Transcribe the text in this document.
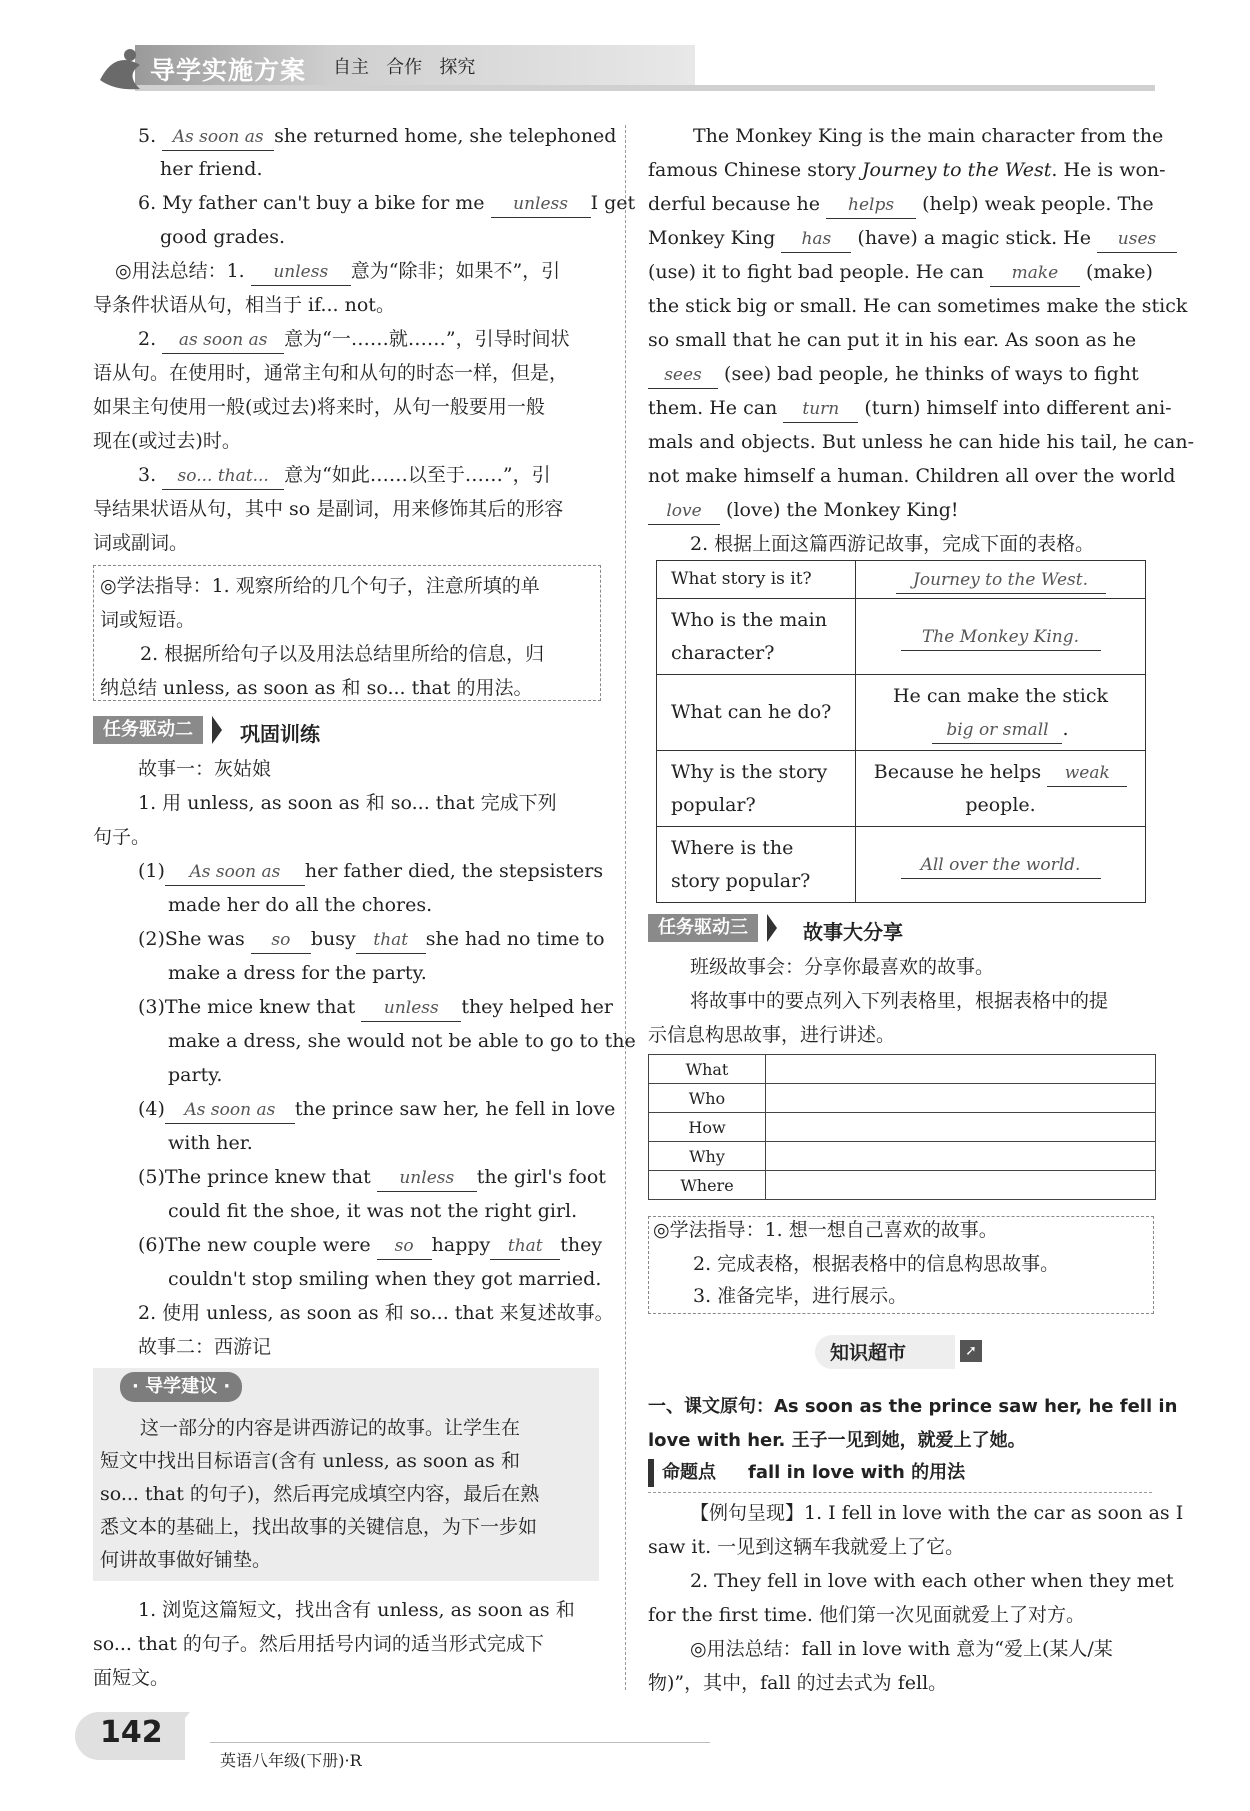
导学实施方案 自主   合作   探究

5. As soon as she returned home, she telephoned

her friend.

6. My father can't buy a bike for me unless I get

good grades.

◎用法总结：1. unless 意为“除非；如果不”，引

导条件状语从句，相当于 if... not。

2. as soon as 意为“一……就……”，引导时间状

语从句。在使用时，通常主句和从句的时态一样，但是，

如果主句使用一般(或过去)将来时，从句一般要用一般

现在(或过去)时。

3. so... that... 意为“如此……以至于……”，引

导结果状语从句，其中 so 是副词，用来修饰其后的形容

词或副词。

◎学法指导：1. 观察所给的几个句子，注意所填的单

词或短语。

2. 根据所给句子以及用法总结里所给的信息，归

纳总结 unless, as soon as 和 so... that 的用法。

任务驱动二	巩固训练

故事一：灰姑娘

1. 用 unless, as soon as 和 so... that 完成下列

句子。

(1) As soon as her father died, the stepsisters

made her do all the chores.

(2)She was so busy that she had no time to

make a dress for the party.

(3)The mice knew that unless they helped her

make a dress, she would not be able to go to the

party.

(4) As soon as the prince saw her, he fell in love

with her.

(5)The prince knew that unless the girl's foot

could fit the shoe, it was not the right girl.

(6)The new couple were so happy that they

couldn't stop smiling when they got married.

2. 使用 unless, as soon as 和 so... that 来复述故事。

故事二：西游记

· 导学建议 ·

这一部分的内容是讲西游记的故事。让学生在

短文中找出目标语言(含有 unless, as soon as 和

so... that 的句子)，然后再完成填空内容，最后在熟

悉文本的基础上，找出故事的关键信息，为下一步如

何讲故事做好铺垫。

1. 浏览这篇短文，找出含有 unless, as soon as 和

so... that 的句子。然后用括号内词的适当形式完成下

面短文。

The Monkey King is the main character from the

famous Chinese story Journey to the West. He is won-

derful because he helps (help) weak people. The

Monkey King has (have) a magic stick. He uses

(use) it to fight bad people. He can make (make)

the stick big or small. He can sometimes make the stick

so small that he can put it in his ear. As soon as he

sees (see) bad people, he thinks of ways to fight

them. He can turn (turn) himself into different ani-

mals and objects. But unless he can hide his tail, he can-

not make himself a human. Children all over the world

love (love) the Monkey King!

2. 根据上面这篇西游记故事，完成下面的表格。

What story is it?	Journey to the West.
Who is the main character?	The Monkey King.
What can he do?	He can make the stick
big or small .
Why is the story popular?	Because he helps weak
people.

Where is the story popular?	All over the world.
任务驱动三	故事大分享

班级故事会：分享你最喜欢的故事。

将故事中的要点列入下列表格里，根据表格中的提

示信息构思故事，进行讲述。

What	
Who	
How	
Why	
Where	

◎学法指导：1. 想一想自己喜欢的故事。

2. 完成表格，根据表格中的信息构思故事。

3. 准备完毕，进行展示。

知识超市	➚

一、课文原句：As soon as the prince saw her, he fell in

love with her. 王子一见到她，就爱上了她。

命题点	fall in love with 的用法

【例句呈现】1. I fell in love with the car as soon as I

saw it. 一见到这辆车我就爱上了它。

2. They fell in love with each other when they met

for the first time. 他们第一次见面就爱上了对方。

◎用法总结：fall in love with 意为“爱上(某人/某

物)”，其中，fall 的过去式为 fell。

142
英语八年级(下册)·R
